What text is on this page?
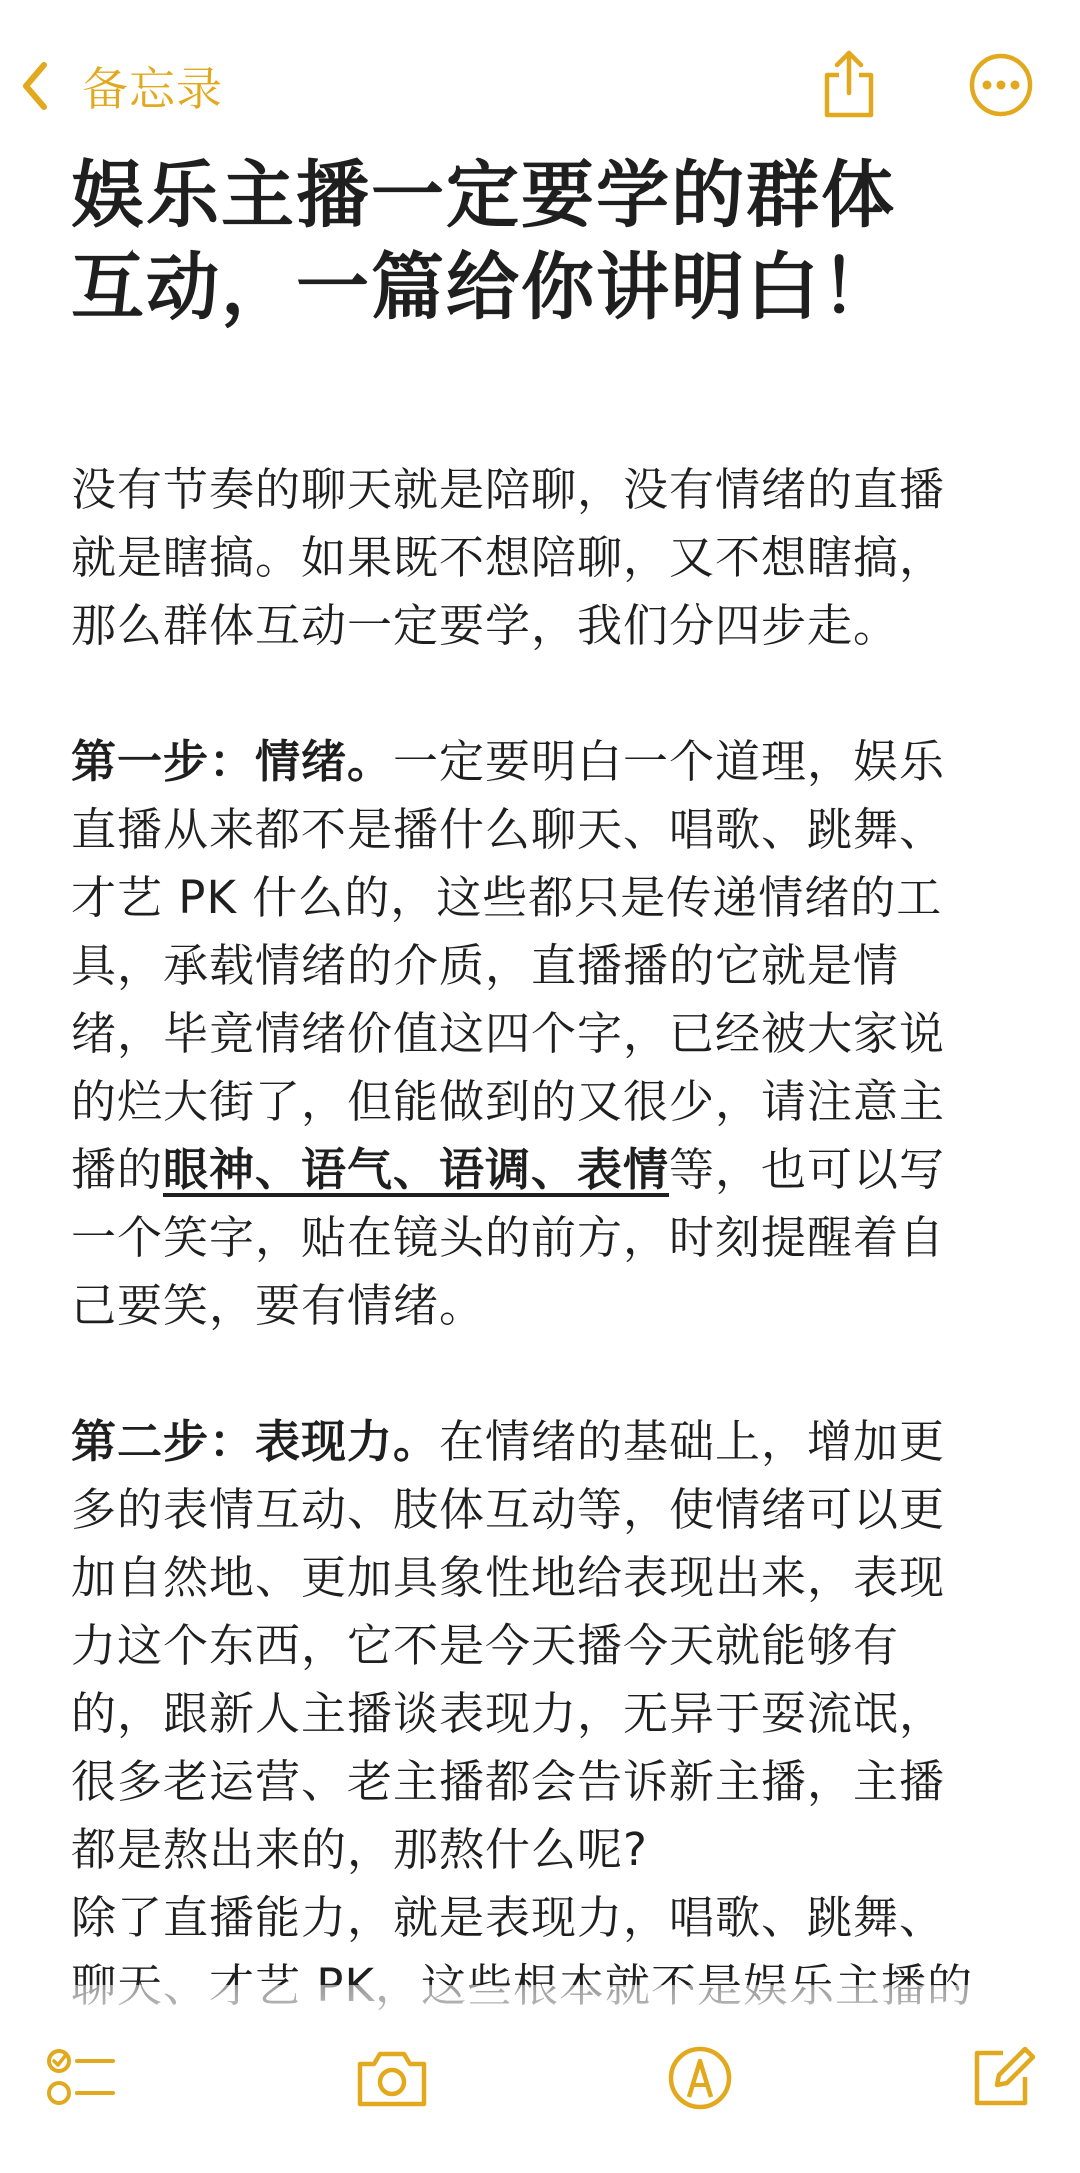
备忘录
娱乐主播一定要学的群体
互动，一篇给你讲明白！
没有节奏的聊天就是陪聊，没有情绪的直播
就是瞎搞。如果既不想陪聊，又不想瞎搞，
那么群体互动一定要学，我们分四步走。
第一步：情绪。一定要明白一个道理，娱乐
直播从来都不是播什么聊天、唱歌、跳舞、
才艺 PK 什么的，这些都只是传递情绪的工
具，承载情绪的介质，直播播的它就是情
绪，毕竟情绪价值这四个字，已经被大家说
的烂大街了，但能做到的又很少，请注意主
播的眼神、语气、语调、表情等，也可以写
一个笑字，贴在镜头的前方，时刻提醒着自
己要笑，要有情绪。
第二步：表现力。在情绪的基础上，增加更
多的表情互动、肢体互动等，使情绪可以更
加自然地、更加具象性地给表现出来，表现
力这个东西，它不是今天播今天就能够有
的，跟新人主播谈表现力，无异于耍流氓，
很多老运营、老主播都会告诉新主播，主播
都是熬出来的，那熬什么呢?
除了直播能力，就是表现力，唱歌、跳舞、
